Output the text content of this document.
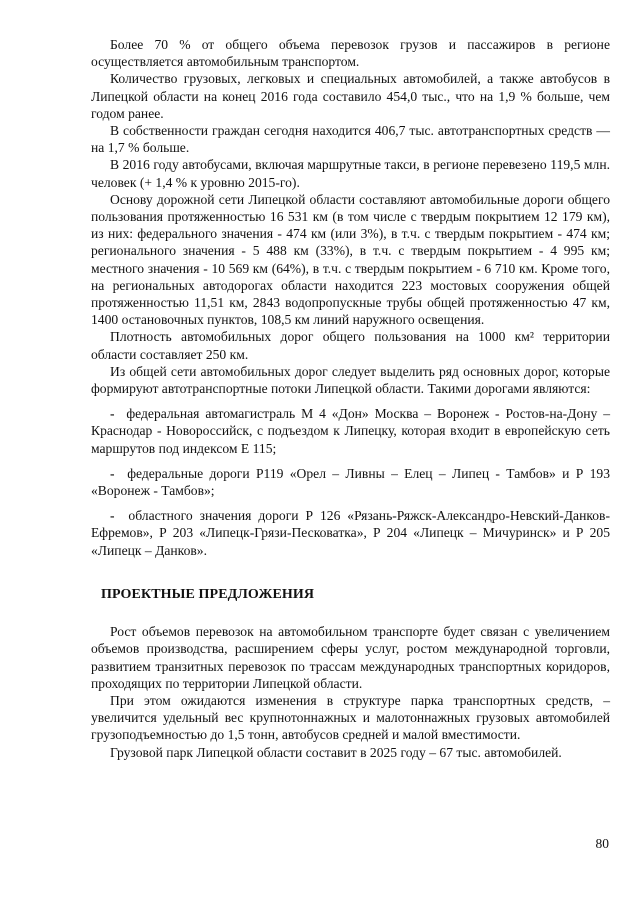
Более 70 % от общего объема перевозок грузов и пассажиров в регионе осуществляется автомобильным транспортом.

Количество грузовых, легковых и специальных автомобилей, а также автобусов в Липецкой области на конец 2016 года составило 454,0 тыс., что на 1,9 % больше, чем годом ранее.

В собственности граждан сегодня находится 406,7 тыс. автотранспортных средств — на 1,7 % больше.

В 2016 году автобусами, включая маршрутные такси, в регионе перевезено 119,5 млн. человек (+ 1,4 % к уровню 2015-го).

Основу дорожной сети Липецкой области составляют автомобильные дороги общего пользования протяженностью 16 531 км (в том числе с твердым покрытием 12 179 км), из них: федерального значения - 474 км (или 3%), в т.ч. с твердым покрытием - 474 км; регионального значения - 5 488 км (33%), в т.ч. с твердым покрытием - 4 995 км; местного значения - 10 569 км (64%), в т.ч. с твердым покрытием - 6 710 км. Кроме того, на региональных автодорогах области находится 223 мостовых сооружения общей протяженностью 11,51 км, 2843 водопропускные трубы общей протяженностью 47 км, 1400 остановочных пунктов, 108,5 км линий наружного освещения.

Плотность автомобильных дорог общего пользования на 1000 км² территории области составляет 250 км.

Из общей сети автомобильных дорог следует выделить ряд основных дорог, которые формируют автотранспортные потоки Липецкой области. Такими дорогами являются:

- федеральная автомагистраль М 4 «Дон» Москва – Воронеж - Ростов-на-Дону – Краснодар - Новороссийск, с подъездом к Липецку, которая входит в европейскую сеть маршрутов под индексом Е 115;

- федеральные дороги Р119 «Орел – Ливны – Елец – Липец - Тамбов» и Р 193 «Воронеж - Тамбов»;

- областного значения дороги Р 126 «Рязань-Ряжск-Александро-Невский-Данков-Ефремов», Р 203 «Липецк-Грязи-Песковатка», Р 204 «Липецк – Мичуринск» и Р 205 «Липецк – Данков».

ПРОЕКТНЫЕ ПРЕДЛОЖЕНИЯ

Рост объемов перевозок на автомобильном транспорте будет связан с увеличением объемов производства, расширением сферы услуг, ростом международной торговли, развитием транзитных перевозок по трассам международных транспортных коридоров, проходящих по территории Липецкой области.

При этом ожидаются изменения в структуре парка транспортных средств, – увеличится удельный вес крупнотоннажных и малотоннажных грузовых автомобилей грузоподъемностью до 1,5 тонн, автобусов средней и малой вместимости.

Грузовой парк Липецкой области составит в 2025 году – 67 тыс. автомобилей.

80
